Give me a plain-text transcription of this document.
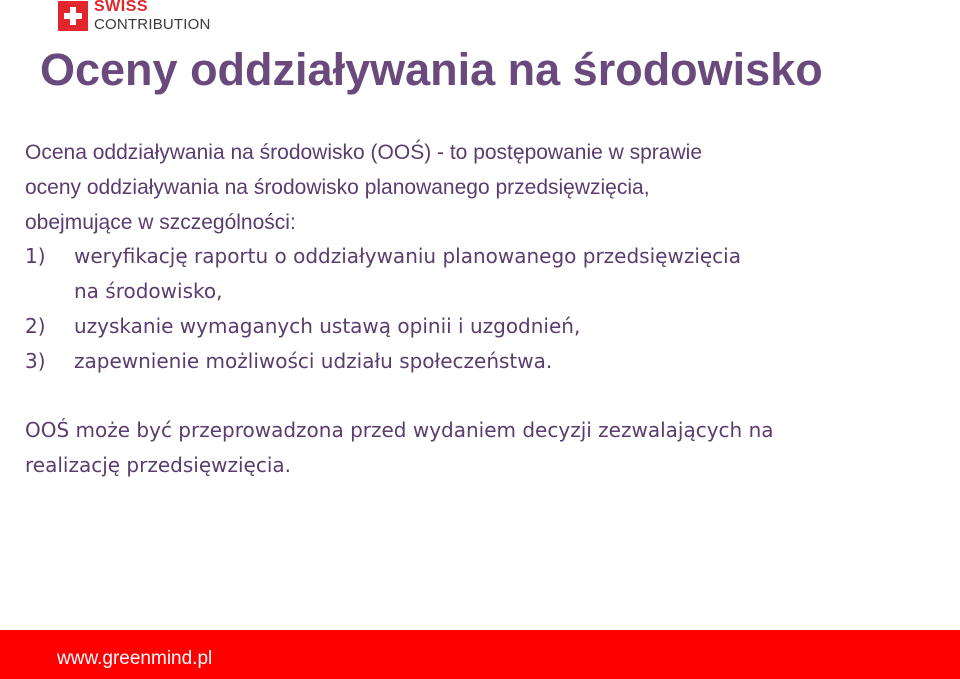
SWISS
CONTRIBUTION
Oceny oddziaływania na środowisko

Ocena oddziaływania na środowisko (OOŚ) - to postępowanie w sprawie

oceny oddziaływania na środowisko planowanego przedsięwzięcia,

obejmujące w szczególności:

1)	weryfikację raportu o oddziaływaniu planowanego przedsięwzięcia
na środowisko,
2)	uzyskanie wymaganych ustawą opinii i uzgodnień,
3)	zapewnienie możliwości udziału społeczeństwa.
OOŚ może być przeprowadzona przed wydaniem decyzji zezwalających na
realizację przedsięwzięcia.
www.greenmind.pl
